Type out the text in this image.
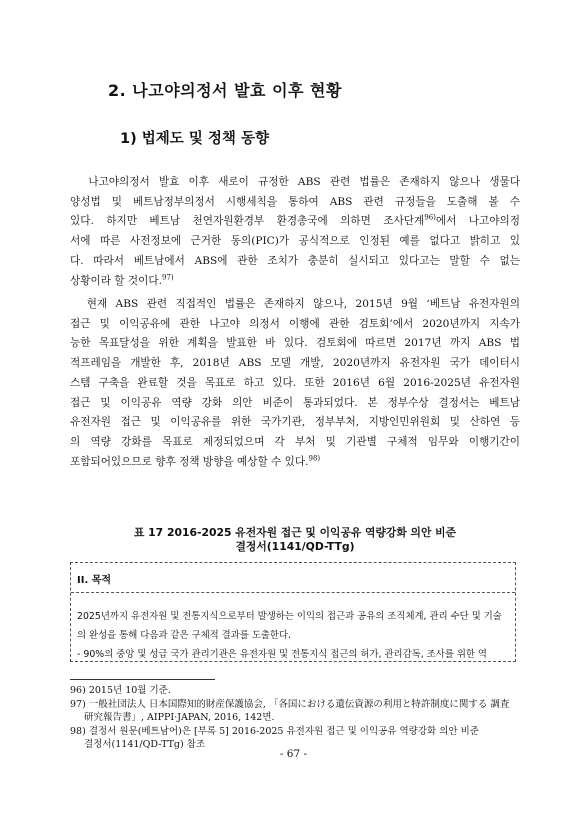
2. 나고야의정서 발효 이후 현황
1) 법제도 및 정책 동향
나고야의정서 발효 이후 새로이 규정한 ABS 관련 법률은 존재하지 않으나 생물다
양성법 및 베트남정부의정서 시행세칙을 통하여 ABS 관련 규정들을 도출해 볼 수
있다. 하지만 베트남 천연자원환경부 환경총국에 의하면 조사단계$^{96)}$에서 나고야의정
서에 따른 사전정보에 근거한 동의(PIC)가 공식적으로 인정된 예를 없다고 밝히고 있
다. 따라서 베트남에서 ABS에 관한 조치가 충분히 실시되고 있다고는 말할 수 없는
상황이라 할 것이다.$^{97)}$
현재 ABS 관련 직접적인 법률은 존재하지 않으나, 2015년 9월 ‘베트남 유전자원의
접근 및 이익공유에 관한 나고야 의정서 이행에 관한 검토회’에서 2020년까지 지속가
능한 목표달성을 위한 계획을 발표한 바 있다. 검토회에 따르면 2017년 까지 ABS 법
적프레임을 개발한 후, 2018년 ABS 모델 개발, 2020년까지 유전자원 국가 데이터시
스템 구축을 완료할 것을 목표로 하고 있다. 또한 2016년 6월 2016-2025년 유전자원
접근 및 이익공유 역량 강화 의안 비준이 통과되었다. 본 정부수상 결정서는 베트남
유전자원 접근 및 이익공유를 위한 국가기관, 정부부처, 지방인민위원회 및 산하연 등
의 역량 강화를 목표로 제정되었으며 각 부처 및 기관별 구체적 임무와 이행기간이
포함되어있으므로 향후 정책 방향을 예상할 수 있다.$^{98)}$
표 17 2016-2025 유전자원 접근 및 이익공유 역량강화 의안 비준
결정서(1141/QD-TTg)
II. 목적
2025년까지 유전자원 및 전통지식으로부터 발생하는 이익의 접근과 공유의 조직체계, 관리 수단 및 기술
의 완성을 통해 다음과 같은 구체적 결과를 도출한다.
- 90%의 중앙 및 성급 국가 관리기관은 유전자원 및 전통지식 접근의 허가, 관리감독, 조사를 위한 역
96) 2015년 10월 기준.
97) 一般社団法人 日本国際知的財産保護協会, 「各国における遺伝資源の利用と特許制度に関する 調査
研究報告書」, AIPPI·JAPAN, 2016, 142면.
98) 결정서 원문(베트남어)은 [부록 5] 2016-2025 유전자원 접근 및 이익공유 역량강화 의안 비준
결정서(1141/QD-TTg) 참조
- 67 -
